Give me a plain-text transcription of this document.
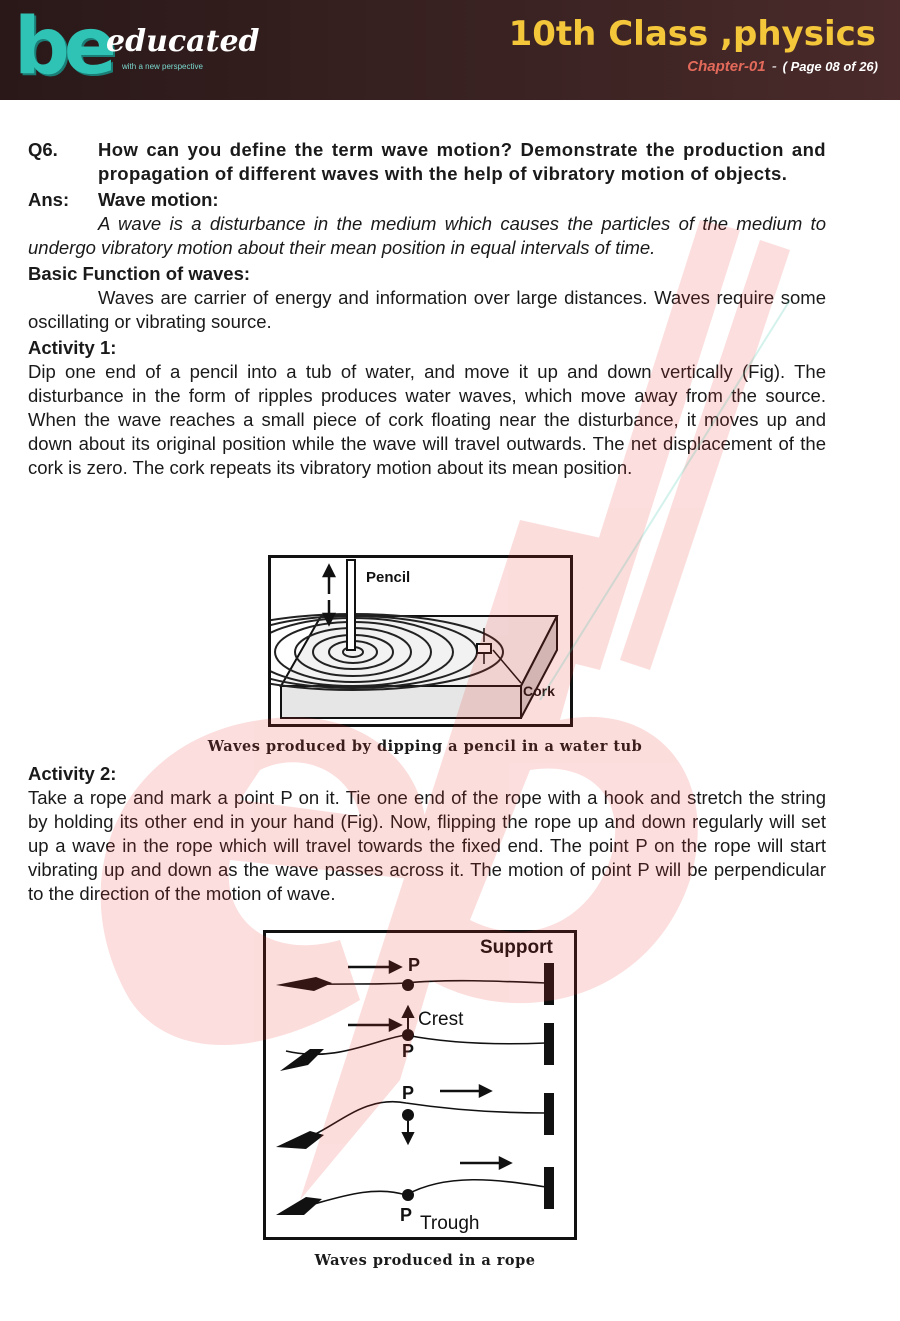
be
educated
with a new perspective
10th Class ,physics
Chapter-01 - ( Page 08 of 26)
Q6.	How can you define the term wave motion? Demonstrate the production and propagation of different waves with the help of vibratory motion of objects.
Ans:	Wave motion:

A wave is a disturbance in the medium which causes the particles of the medium to undergo vibratory motion about their mean position in equal intervals of time.

Basic Function of waves:

Waves are carrier of energy and information over large distances. Waves require some oscillating or vibrating source.

Activity 1:

Dip one end of a pencil into a tub of water, and move it up and down vertically (Fig). The disturbance in the form of ripples produces water waves, which move away from the source. When the wave reaches a small piece of cork floating near the disturbance, it moves up and down about its original position while the wave will travel outwards. The net displacement of the cork is zero. The cork repeats its vibratory motion about its mean position.

Pencil
Cork
Waves produced by dipping a pencil in a water tub
Activity 2:

Take a rope and mark a point P on it. Tie one end of the rope with a hook and stretch the string by holding its other end in your hand (Fig). Now, flipping the rope up and down regularly will set up a wave in the rope which will travel towards the fixed end. The point P on the rope will start vibrating up and down as the wave passes across it. The motion of point P will be perpendicular to the direction of the motion of wave.

Support
P
P
P
P
Crest
Trough
Waves produced in a rope
